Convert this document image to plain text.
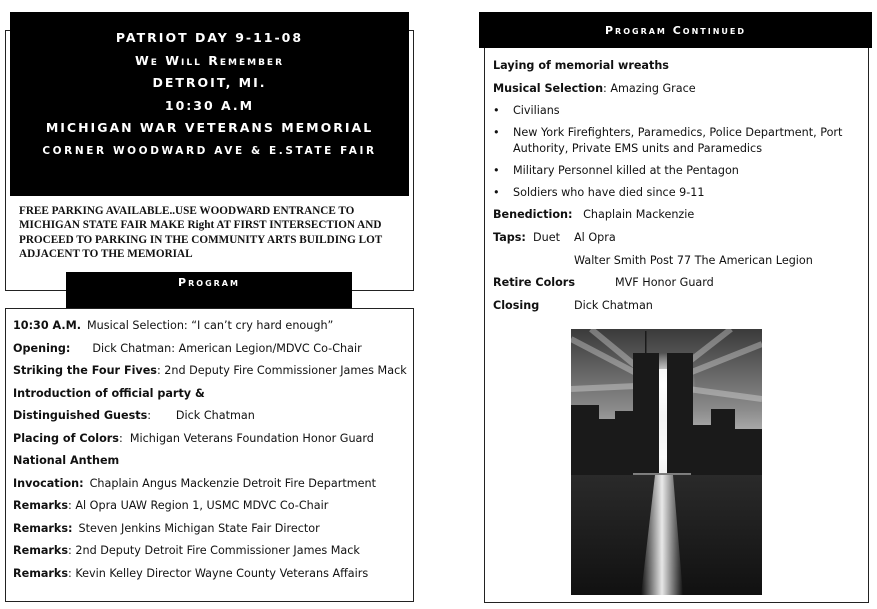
PATRIOT DAY 9-11-08
We Will Remember
DETROIT, MI.
10:30 A.M
MICHIGAN WAR VETERANS MEMORIAL
CORNER WOODWARD AVE & E.STATE FAIR
FREE PARKING AVAILABLE..USE WOODWARD ENTRANCE TO MICHIGAN STATE FAIR MAKE Right AT FIRST INTERSECTION AND PROCEED TO PARKING IN THE COMMUNITY ARTS BUILDING LOT ADJACENT TO THE MEMORIAL
Program
10:30 A.M. Musical Selection: “I can’t cry hard enough”
Opening: Dick Chatman: American Legion/MDVC Co-Chair
Striking the Four Fives: 2nd Deputy Fire Commissioner James Mack
Introduction of official party &
Distinguished Guests:       Dick Chatman
Placing of Colors:  Michigan Veterans Foundation Honor Guard
National Anthem
Invocation: Chaplain Angus Mackenzie Detroit Fire Department
Remarks: Al Opra UAW Region 1, USMC MDVC Co-Chair
Remarks: Steven Jenkins Michigan State Fair Director
Remarks: 2nd Deputy Detroit Fire Commissioner James Mack
Remarks: Kevin Kelley Director Wayne County Veterans Affairs
Program Continued
Laying of memorial wreaths
Musical Selection: Amazing Grace
•	Civilians
•	New York Firefighters, Paramedics, Police Department, Port Authority, Private EMS units and Paramedics
•	Military Personnel killed at the Pentagon
•	Soldiers who have died since 9-11
Benediction: Chaplain Mackenzie
Taps: Duet Al Opra
Walter Smith Post 77 The American Legion
Retire Colors	MVF Honor Guard
Closing	Dick Chatman
